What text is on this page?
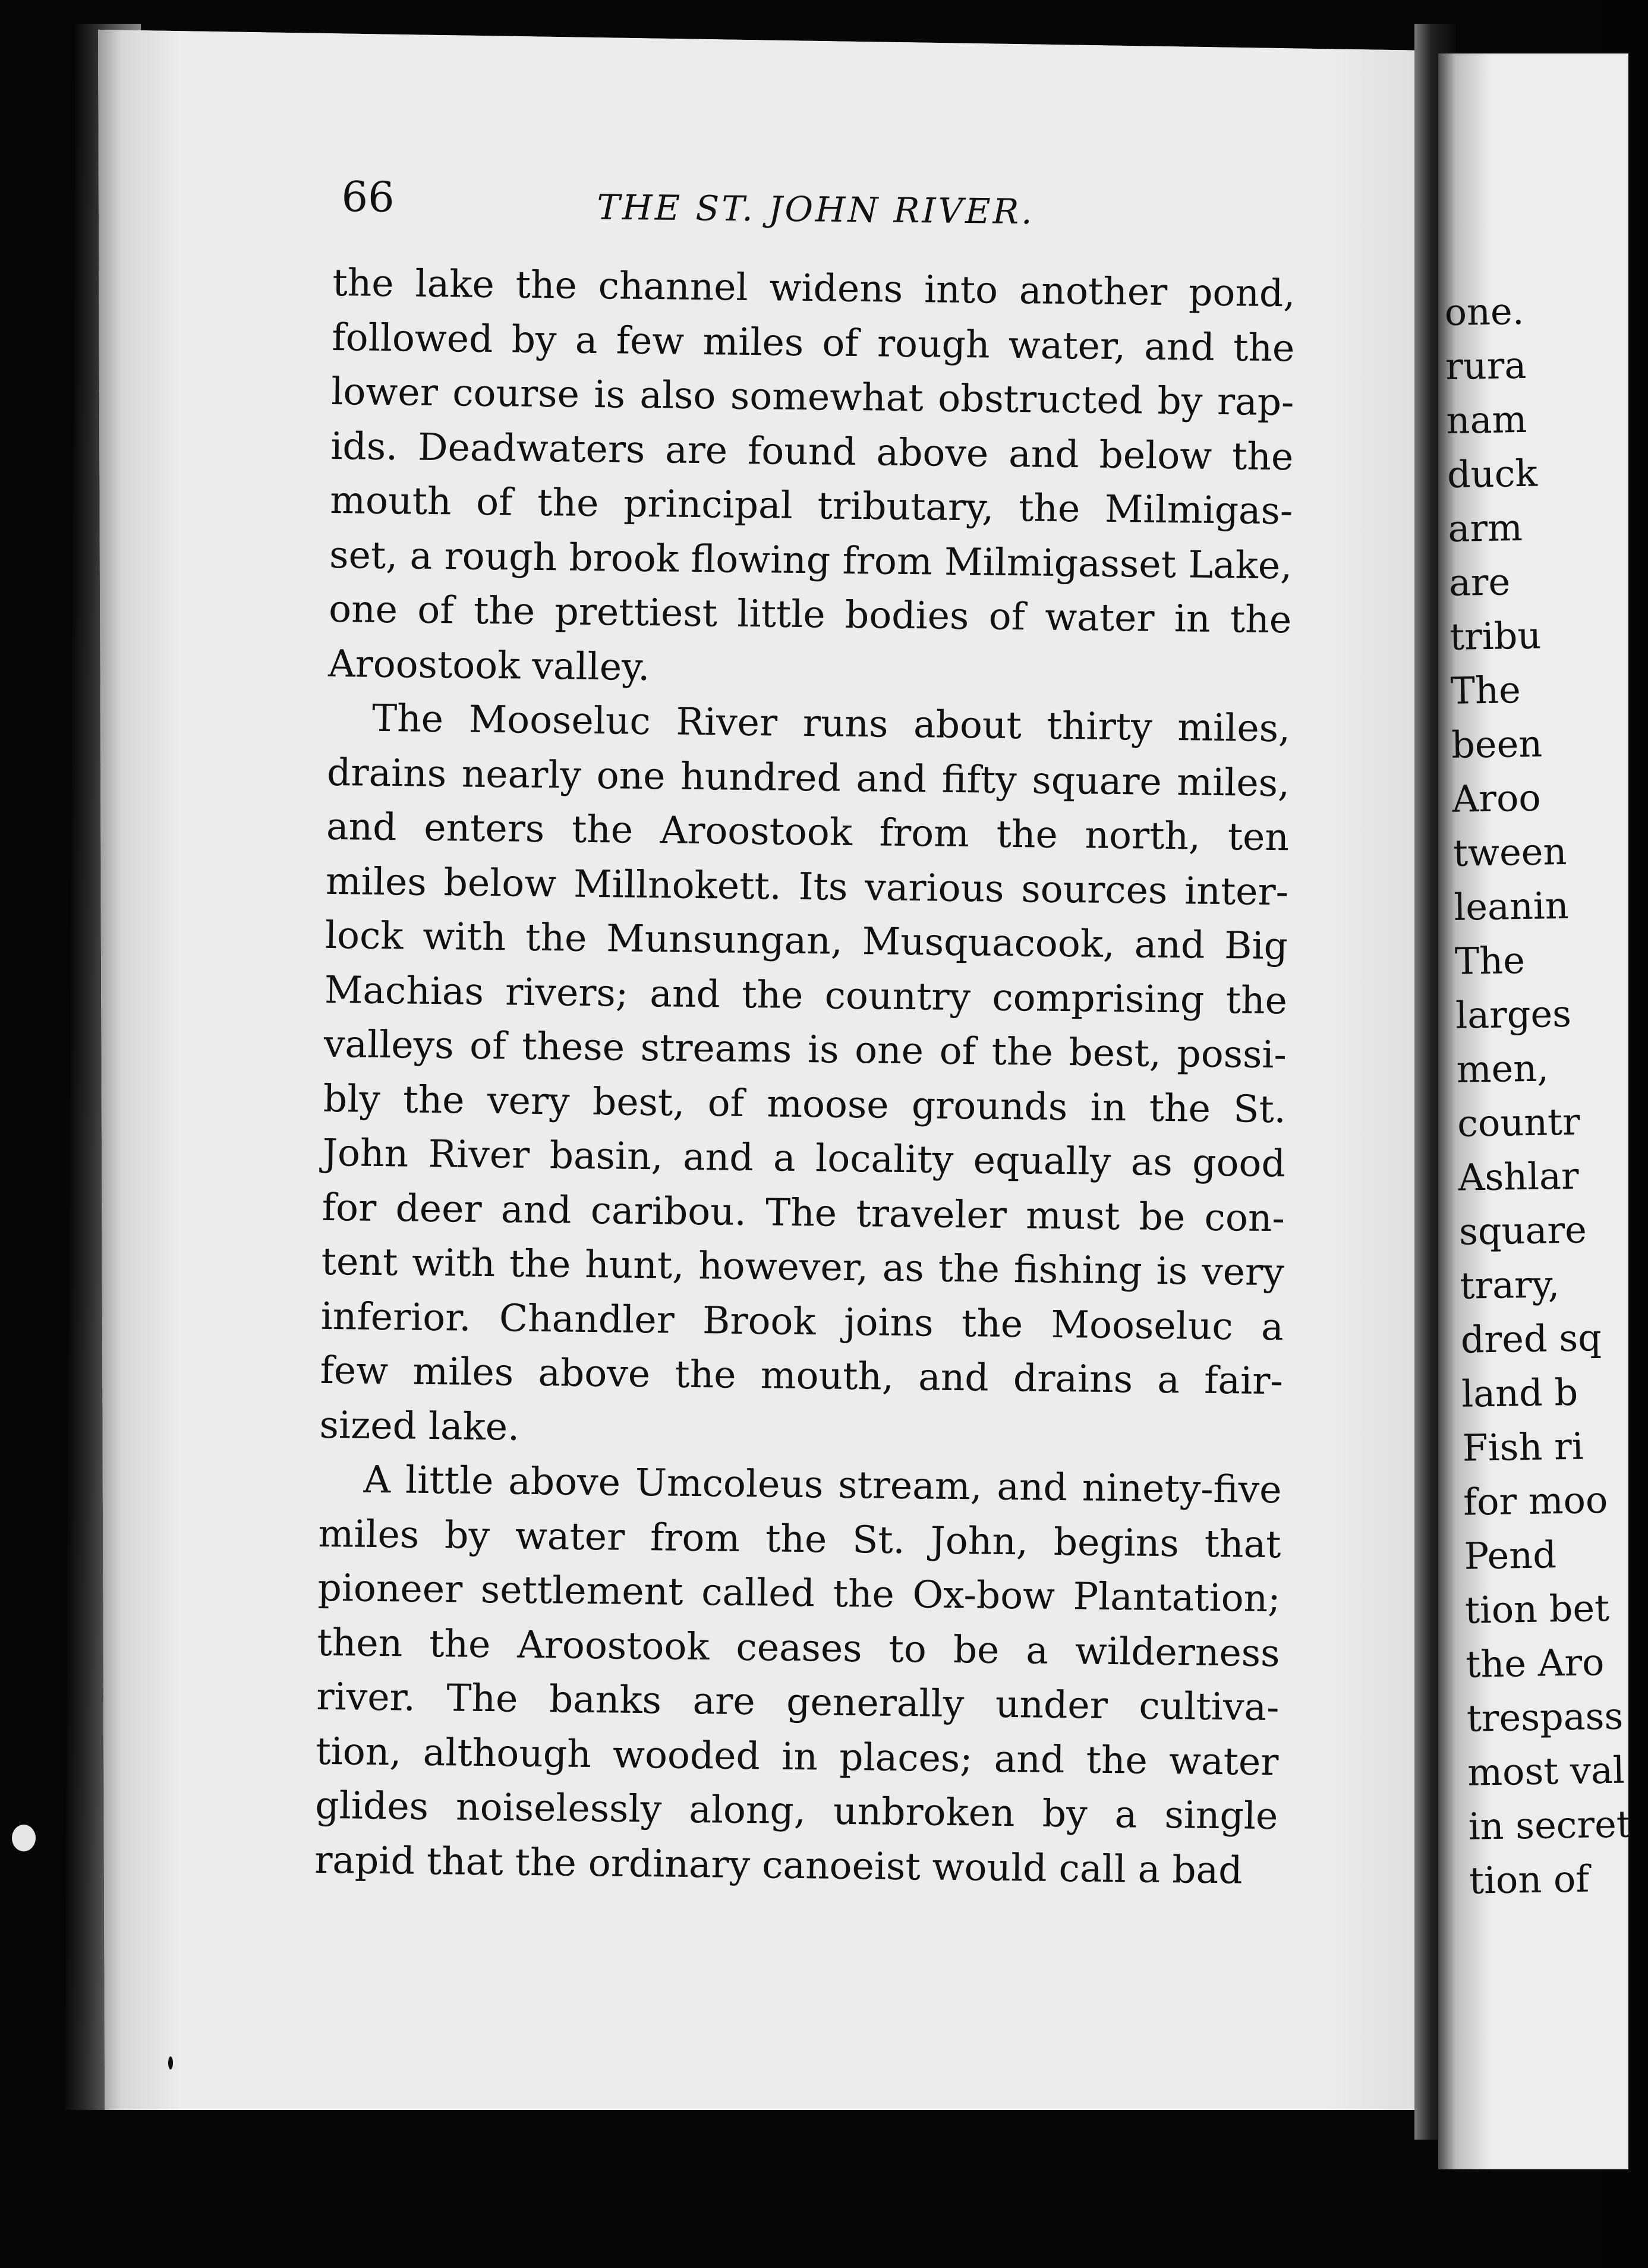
66	THE ST. JOHN RIVER.
the lake the channel widens into another pond,
followed by a few miles of rough water, and the
lower course is also somewhat obstructed by rap-
ids. Deadwaters are found above and below the
mouth of the principal tributary, the Milmigas-
set, a rough brook flowing from Milmigasset Lake,
one of the prettiest little bodies of water in the
Aroostook valley.
The Mooseluc River runs about thirty miles,
drains nearly one hundred and fifty square miles,
and enters the Aroostook from the north, ten
miles below Millnokett. Its various sources inter-
lock with the Munsungan, Musquacook, and Big
Machias rivers; and the country comprising the
valleys of these streams is one of the best, possi-
bly the very best, of moose grounds in the St.
John River basin, and a locality equally as good
for deer and caribou. The traveler must be con-
tent with the hunt, however, as the fishing is very
inferior. Chandler Brook joins the Mooseluc a
few miles above the mouth, and drains a fair-
sized lake.
A little above Umcoleus stream, and ninety-five
miles by water from the St. John, begins that
pioneer settlement called the Ox-bow Plantation;
then the Aroostook ceases to be a wilderness
river. The banks are generally under cultiva-
tion, although wooded in places; and the water
glides noiselessly along, unbroken by a single
rapid that the ordinary canoeist would call a bad
one.
rura
nam
duck
arm
are
tribu
The
been
Aroo
tween
leanin
The
larges
men,
countr
Ashlar
square
trary,
dred sq
land b
Fish ri
for moo
Pend
tion bet
the Aro
trespass
most val
in secret
tion of
